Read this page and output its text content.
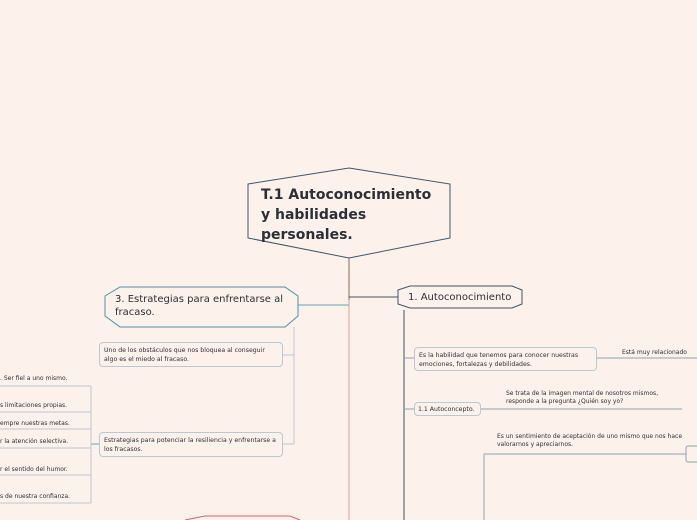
T.1 Autoconocimiento y habilidades personales.
1. Autoconocimiento
3. Estrategias para enfrentarse al fracaso.
Es la habilidad que tenemos para conocer nuestras emociones, fortalezas y debilidades.
Está muy relacionado
1.1 Autoconcepto.
Se trata de la imagen mental de nosotros mismos, responde a la pregunta ¿Quién soy yo?
Es un sentimiento de aceptación de uno mismo que nos hace valorarnos y apreciarnos.
Uno de los obstáculos que nos bloquea al conseguir algo es el miedo al fracaso.
Estrategias para potenciar la resiliencia y enfrentarse a los fracasos.
. Ser fiel a uno mismo.
s limitaciones propias.
empre nuestras metas.
r la atención selectiva.
r el sentido del humor.
s de nuestra confianza.
